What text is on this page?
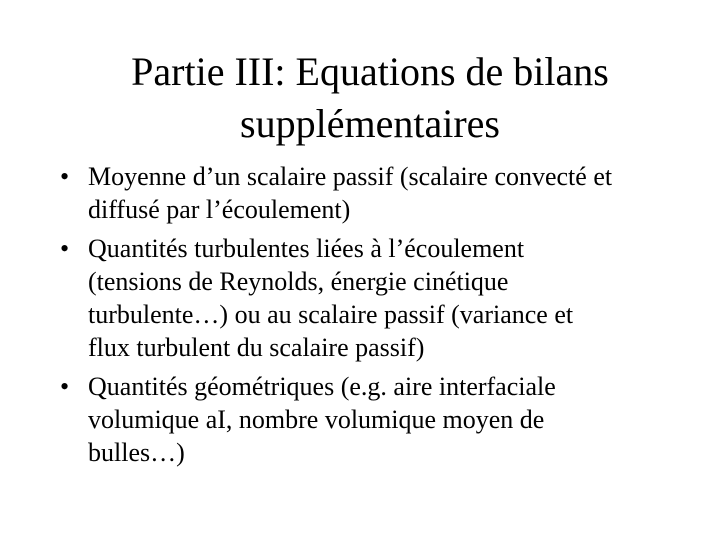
Partie III: Equations de bilans
supplémentaires
• Moyenne d’un scalaire passif (scalaire convecté et
diffusé par l’écoulement)
• Quantités turbulentes liées à l’écoulement
(tensions de Reynolds, énergie cinétique
turbulente…) ou au scalaire passif (variance et
flux turbulent du scalaire passif)
• Quantités géométriques (e.g. aire interfaciale
volumique aI, nombre volumique moyen de
bulles…)
